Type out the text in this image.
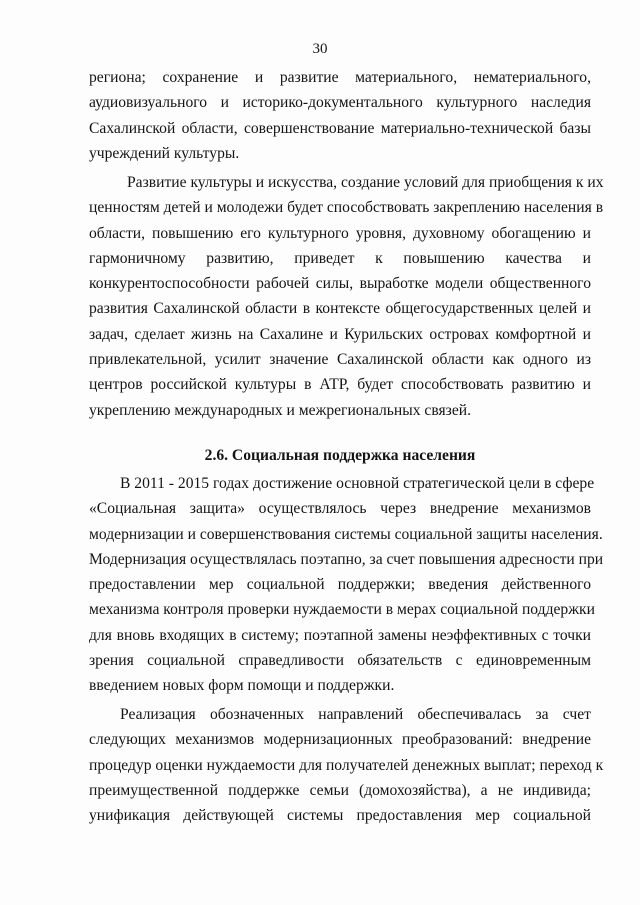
30
региона; сохранение и развитие материального, нематериального,
аудиовизуального и историко-документального культурного наследия
Сахалинской области, совершенствование материально-технической базы
учреждений культуры.
Развитие культуры и искусства, создание условий для приобщения к их
ценностям детей и молодежи будет способствовать закреплению населения в
области, повышению его культурного уровня, духовному обогащению и
гармоничному развитию, приведет к повышению качества и
конкурентоспособности рабочей силы, выработке модели общественного
развития Сахалинской области в контексте общегосударственных целей и
задач, сделает жизнь на Сахалине и Курильских островах комфортной и
привлекательной, усилит значение Сахалинской области как одного из
центров российской культуры в АТР, будет способствовать развитию и
укреплению международных и межрегиональных связей.
2.6. Социальная поддержка населения
В 2011 - 2015 годах достижение основной стратегической цели в сфере
«Социальная защита» осуществлялось через внедрение механизмов
модернизации и совершенствования системы социальной защиты населения.
Модернизация осуществлялась поэтапно, за счет повышения адресности при
предоставлении мер социальной поддержки; введения действенного
механизма контроля проверки нуждаемости в мерах социальной поддержки
для вновь входящих в систему; поэтапной замены неэффективных с точки
зрения социальной справедливости обязательств с единовременным
введением новых форм помощи и поддержки.
Реализация обозначенных направлений обеспечивалась за счет
следующих механизмов модернизационных преобразований: внедрение
процедур оценки нуждаемости для получателей денежных выплат; переход к
преимущественной поддержке семьи (домохозяйства), а не индивида;
унификация действующей системы предоставления мер социальной
